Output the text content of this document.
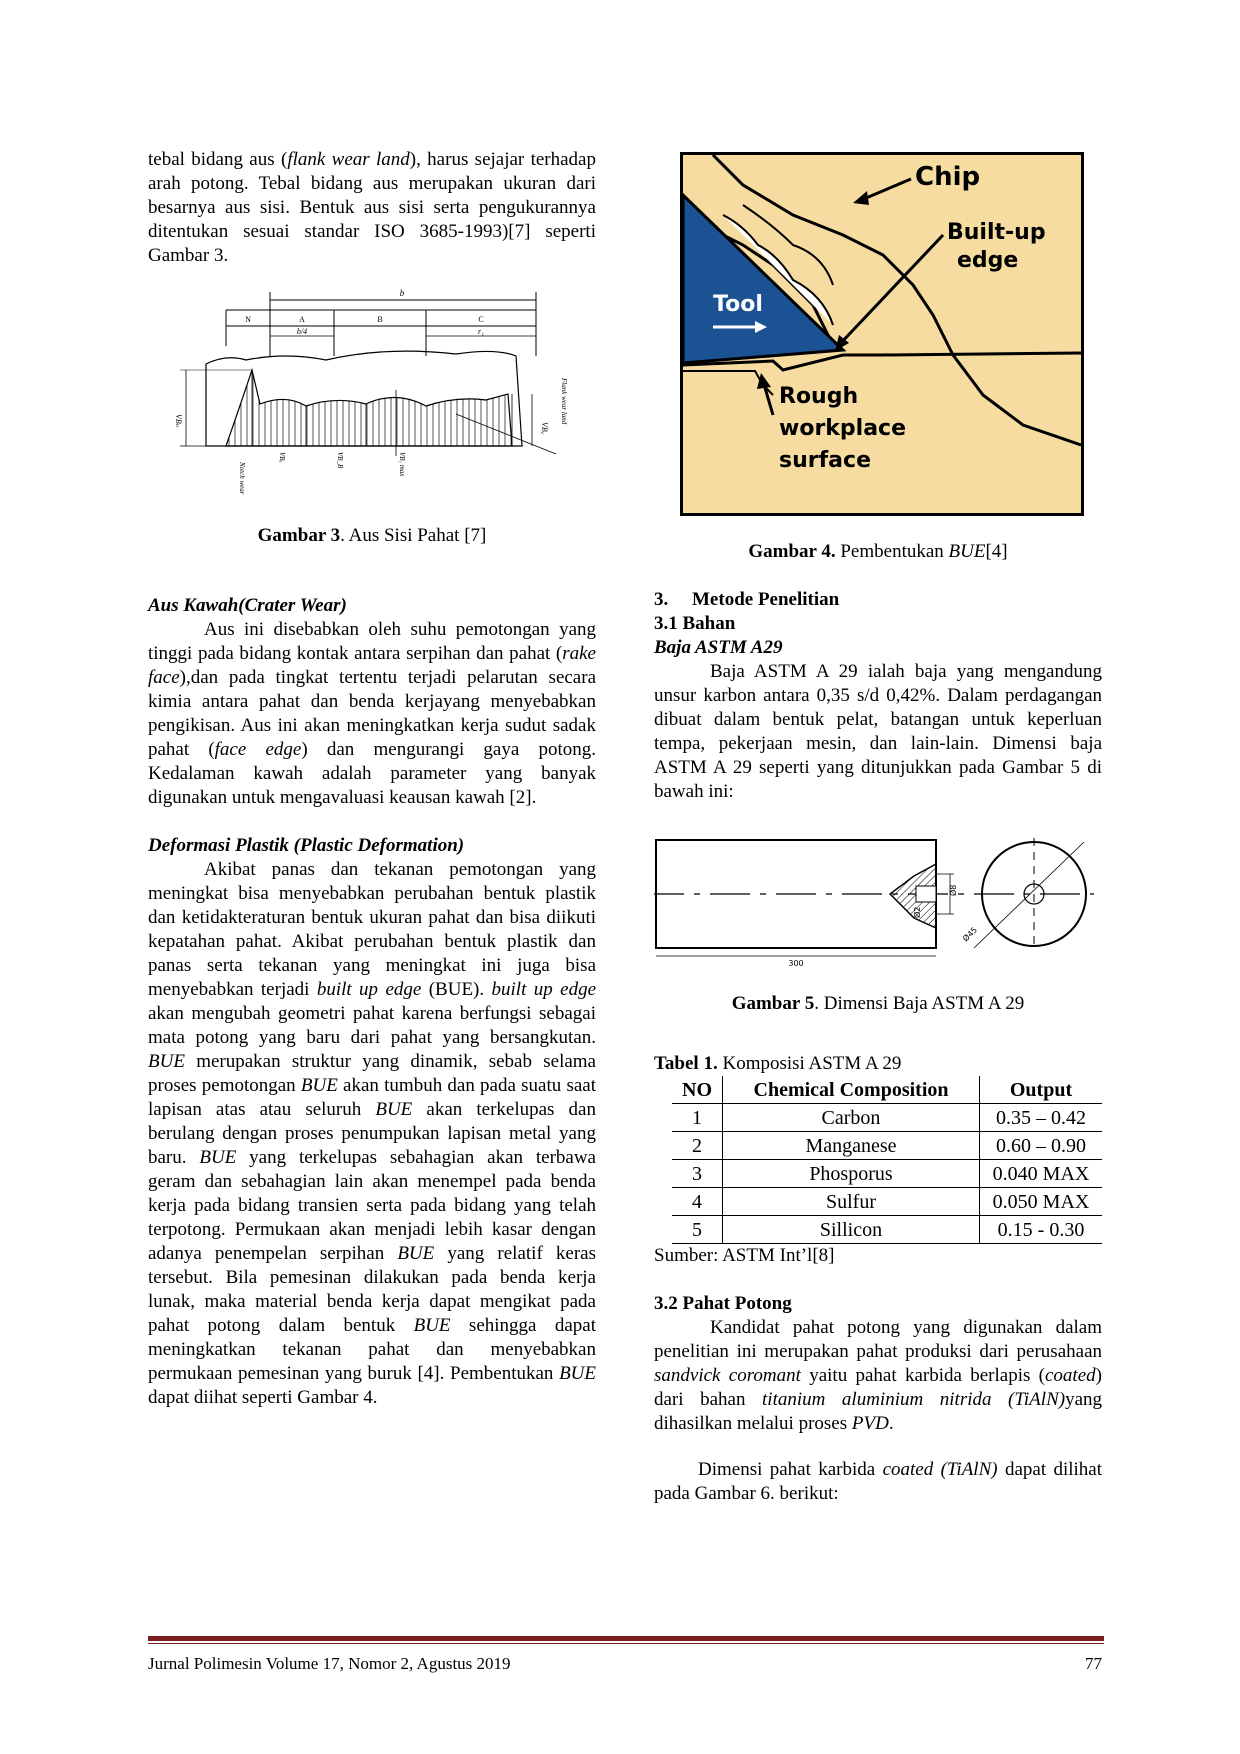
tebal bidang aus (flank wear land), harus sejajar terhadap arah potong. Tebal bidang aus merupakan ukuran dari besarnya aus sisi. Bentuk aus sisi serta pengukurannya ditentukan sesuai standar ISO 3685-1993)[7] seperti Gambar 3.

b
N	A	B	C
b/4	r₁
VBₙ
VB꜀
VBₐ	VB_B	VB₁ max
Notch wear
Flank wear land

Gambar 3. Aus Sisi Pahat [7]

Aus Kawah(Crater Wear)

Aus ini disebabkan oleh suhu pemotongan yang tinggi pada bidang kontak antara serpihan dan pahat (rake face),dan pada tingkat tertentu terjadi pelarutan secara kimia antara pahat dan benda kerjayang menyebabkan pengikisan. Aus ini akan meningkatkan kerja sudut sadak pahat (face edge) dan mengurangi gaya potong. Kedalaman kawah adalah parameter yang banyak digunakan untuk mengavaluasi keausan kawah [2].

Deformasi Plastik (Plastic Deformation)

Akibat panas dan tekanan pemotongan yang meningkat bisa menyebabkan perubahan bentuk plastik dan ketidakteraturan bentuk ukuran pahat dan bisa diikuti kepatahan pahat. Akibat perubahan bentuk plastik dan panas serta tekanan yang meningkat ini juga bisa menyebabkan terjadi built up edge (BUE). built up edge akan mengubah geometri pahat karena berfungsi sebagai mata potong yang baru dari pahat yang bersangkutan. BUE merupakan struktur yang dinamik, sebab selama proses pemotongan BUE akan tumbuh dan pada suatu saat lapisan atas atau seluruh BUE akan terkelupas dan berulang dengan proses penumpukan lapisan metal yang baru. BUE yang terkelupas sebahagian akan terbawa geram dan sebahagian lain akan menempel pada benda kerja pada bidang transien serta pada bidang yang telah terpotong. Permukaan akan menjadi lebih kasar dengan adanya penempelan serpihan BUE yang relatif keras tersebut. Bila pemesinan dilakukan pada benda kerja lunak, maka material benda kerja dapat mengikat pada pahat potong dalam bentuk BUE sehingga dapat meningkatkan tekanan pahat dan menyebabkan permukaan pemesinan yang buruk [4]. Pembentukan BUE dapat diihat seperti Gambar 4.

Chip
Built-up
edge
Tool
Rough
workplace
surface

Gambar 4. Pembentukan BUE[4]

3. Metode Penelitian

3.1 Bahan

Baja ASTM A29

Baja ASTM A 29 ialah baja yang mengandung unsur karbon antara 0,35 s/d 0,42%. Dalam perdagangan dibuat dalam bentuk pelat, batangan untuk keperluan tempa, pekerjaan mesin, dan lain-lain. Dimensi baja ASTM A 29 seperti yang ditunjukkan pada Gambar 5 di bawah ini:

Ø8
Ø2
300
Ø45

Gambar 5. Dimensi Baja ASTM A 29

Tabel 1. Komposisi ASTM A 29

NO	Chemical Composition	Output
1	Carbon	0.35 – 0.42
2	Manganese	0.60 – 0.90
3	Phosporus	0.040 MAX
4	Sulfur	0.050 MAX
5	Sillicon	0.15 - 0.30

Sumber: ASTM Int’l[8]

3.2 Pahat Potong

Kandidat pahat potong yang digunakan dalam penelitian ini merupakan pahat produksi dari perusahaan sandvick coromant yaitu pahat karbida berlapis (coated) dari bahan titanium aluminium nitrida (TiAlN)yang dihasilkan melalui proses PVD.

Dimensi pahat karbida coated (TiAlN) dapat dilihat pada Gambar 6. berikut:

Jurnal Polimesin Volume 17, Nomor 2, Agustus 2019	77
